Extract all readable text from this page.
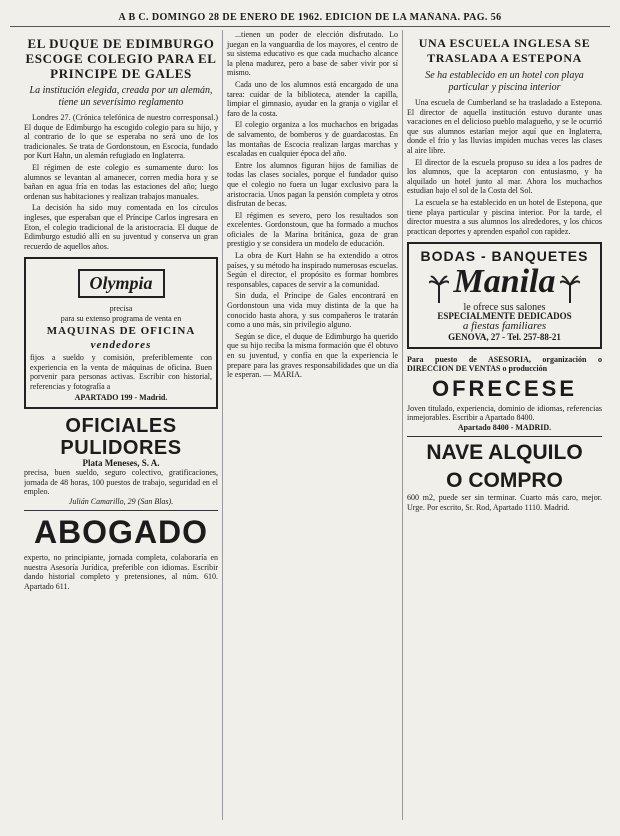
A B C. DOMINGO 28 DE ENERO DE 1962. EDICION DE LA MAÑANA. PAG. 56
EL DUQUE DE EDIMBURGO ESCOGE COLEGIO PARA EL PRINCIPE DE GALES
La institución elegida, creada por un alemán, tiene un severísimo reglamento

Londres 27. (Crónica telefónica de nuestro corresponsal.) El duque de Edimburgo ha escogido colegio para su hijo, y al contrario de lo que se esperaba no será uno de los tradicionales. Se trata de Gordonstoun, en Escocia, fundado por Kurt Hahn, un alemán refugiado en Inglaterra.

El régimen de este colegio es sumamente duro: los alumnos se levantan al amanecer, corren media hora y se bañan en agua fría en todas las estaciones del año; luego ordenan sus habitaciones y realizan trabajos manuales.

La decisión ha sido muy comentada en los círculos ingleses, que esperaban que el Príncipe Carlos ingresara en Eton, el colegio tradicional de la aristocracia. El duque de Edimburgo estudió allí en su juventud y conserva un gran recuerdo de aquellos años.

Olympia
precisa
para su extenso programa de venta en
MAQUINAS DE OFICINA
vendedores
fijos a sueldo y comisión, preferiblemente con experiencia en la venta de máquinas de oficina. Buen porvenir para personas activas. Escribir con historial, referencias y fotografía a
APARTADO 199 - Madrid.
OFICIALES PULIDORES
Plata Meneses, S. A.
precisa, buen sueldo, seguro colectivo, gratificaciones, jornada de 48 horas, 100 puestos de trabajo, seguridad en el empleo.
Julián Camarillo, 29 (San Blas).
ABOGADO
experto, no principiante, jornada completa, colaboraría en nuestra Asesoría Jurídica, preferible con idiomas. Escribir dando historial completo y pretensiones, al núm. 610. Apartado 611.

...tienen un poder de elección disfrutado. Lo juegan en la vanguardia de los mayores, el centro de su sistema educativo es que cada muchacho alcance la plena madurez, pero a base de saber vivir por sí mismo.

Cada uno de los alumnos está encargado de una tarea: cuidar de la biblioteca, atender la capilla, limpiar el gimnasio, ayudar en la granja o vigilar el faro de la costa.

El colegio organiza a los muchachos en brigadas de salvamento, de bomberos y de guardacostas. En las montañas de Escocia realizan largas marchas y escaladas en cualquier época del año.

Entre los alumnos figuran hijos de familias de todas las clases sociales, porque el fundador quiso que el colegio no fuera un lugar exclusivo para la aristocracia. Unos pagan la pensión completa y otros disfrutan de becas.

El régimen es severo, pero los resultados son excelentes. Gordonstoun, que ha formado a muchos oficiales de la Marina británica, goza de gran prestigio y se considera un modelo de educación.

La obra de Kurt Hahn se ha extendido a otros países, y su método ha inspirado numerosas escuelas. Según el director, el propósito es formar hombres responsables, capaces de servir a la comunidad.

Sin duda, el Príncipe de Gales encontrará en Gordonstoun una vida muy distinta de la que ha conocido hasta ahora, y sus compañeros le tratarán como a uno más, sin privilegio alguno.

Según se dice, el duque de Edimburgo ha querido que su hijo reciba la misma formación que él obtuvo en su juventud, y confía en que la experiencia le prepare para las graves responsabilidades que un día le esperan. — MARIA.

UNA ESCUELA INGLESA SE TRASLADA A ESTEPONA
Se ha establecido en un hotel con playa particular y piscina interior

Una escuela de Cumberland se ha trasladado a Estepona. El director de aquella institución estuvo durante unas vacaciones en el delicioso pueblo malagueño, y se le ocurrió que sus alumnos estarían mejor aquí que en Inglaterra, donde el frío y las lluvias impiden muchas veces las clases al aire libre.

El director de la escuela propuso su idea a los padres de los alumnos, que la aceptaron con entusiasmo, y ha alquilado un hotel junto al mar. Ahora los muchachos estudian bajo el sol de la Costa del Sol.

La escuela se ha establecido en un hotel de Estepona, que tiene playa particular y piscina interior. Por la tarde, el director muestra a sus alumnos los alrededores, y los chicos practican deportes y aprenden español con rapidez.

BODAS - BANQUETES
Manila
le ofrece sus salones
ESPECIALMENTE DEDICADOS
a fiestas familiares
GENOVA, 27 - Tel. 257-88-21
Para puesto de ASESORIA, organización o DIRECCION DE VENTAS o producción
OFRECESE
Joven titulado, experiencia, dominio de idiomas, referencias inmejorables. Escribir a Apartado 8400.
Apartado 8400 - MADRID.
NAVE ALQUILO
O COMPRO
600 m2, puede ser sin terminar. Cuarto más caro, mejor. Urge. Por escrito, Sr. Rod, Apartado 1110. Madrid.
